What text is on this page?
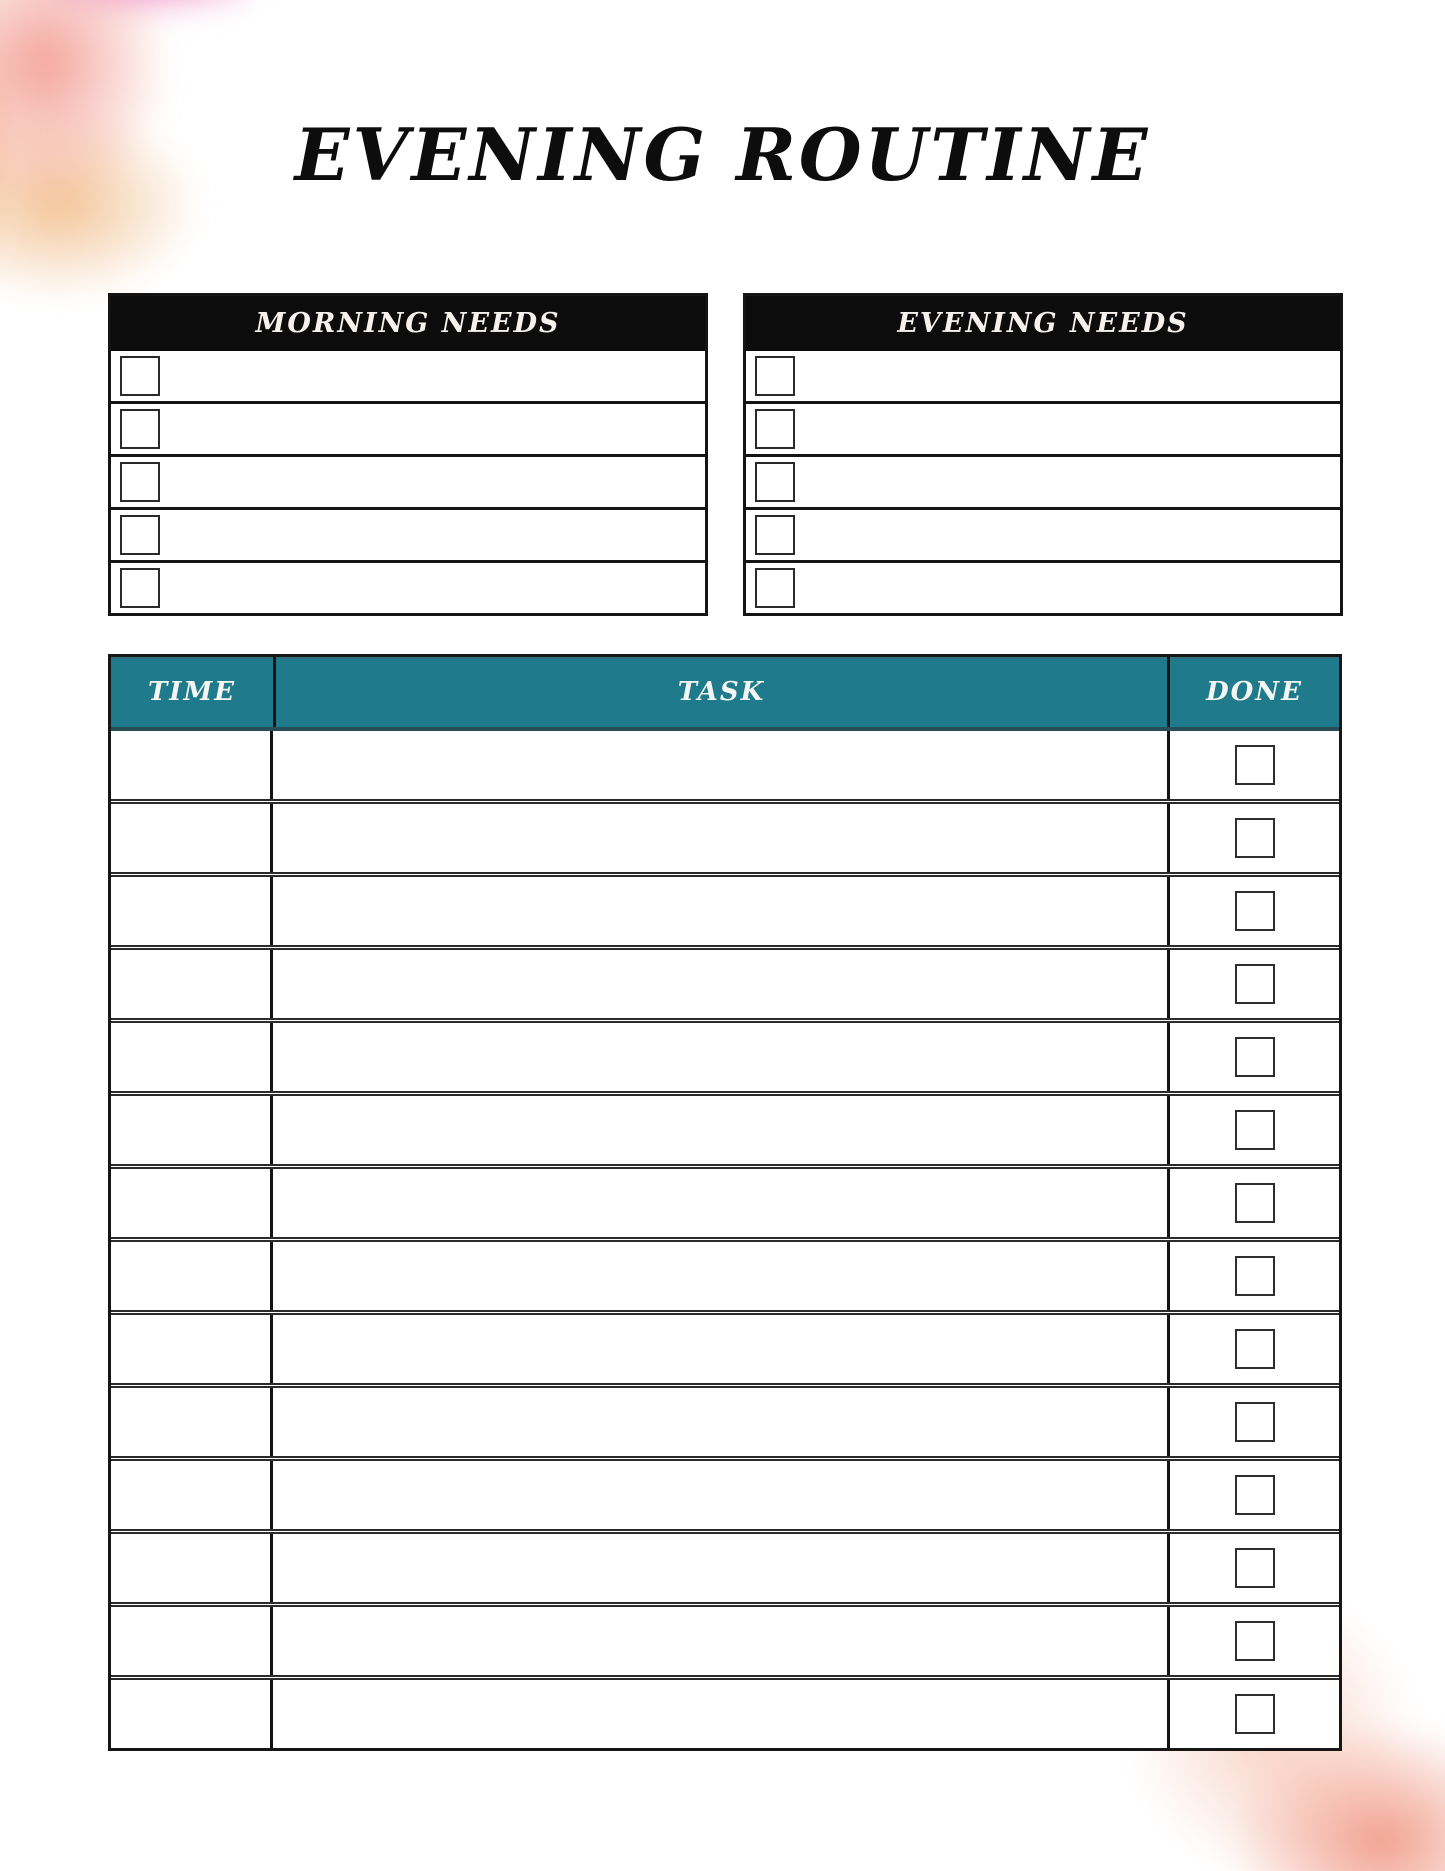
EVENING ROUTINE
MORNING NEEDS	EVENING NEEDS
TIME	TASK	DONE
